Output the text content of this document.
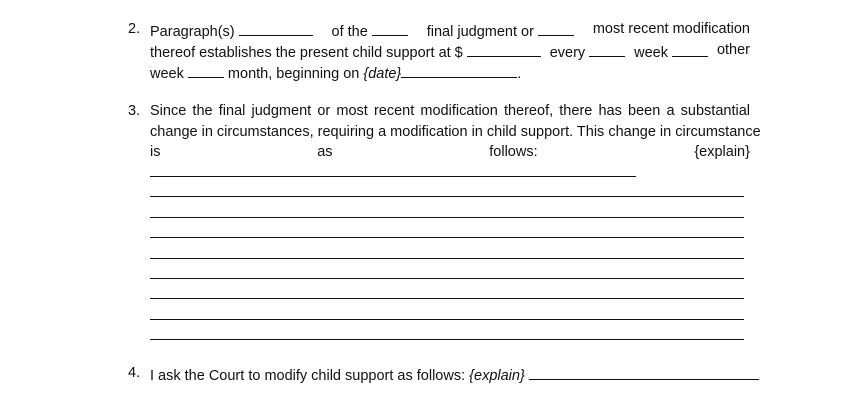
2. Paragraph(s)	of the	final judgment or	most recent modification
thereof establishes the present child support at $	every	week	other
week	month, beginning on {date}	.
3. Since the final judgment or most recent modification thereof, there has been a substantial
change in circumstances, requiring a modification in child support. This change in circumstance
is	as	follows:	{explain}
4. I ask the Court to modify child support as follows: {explain}
